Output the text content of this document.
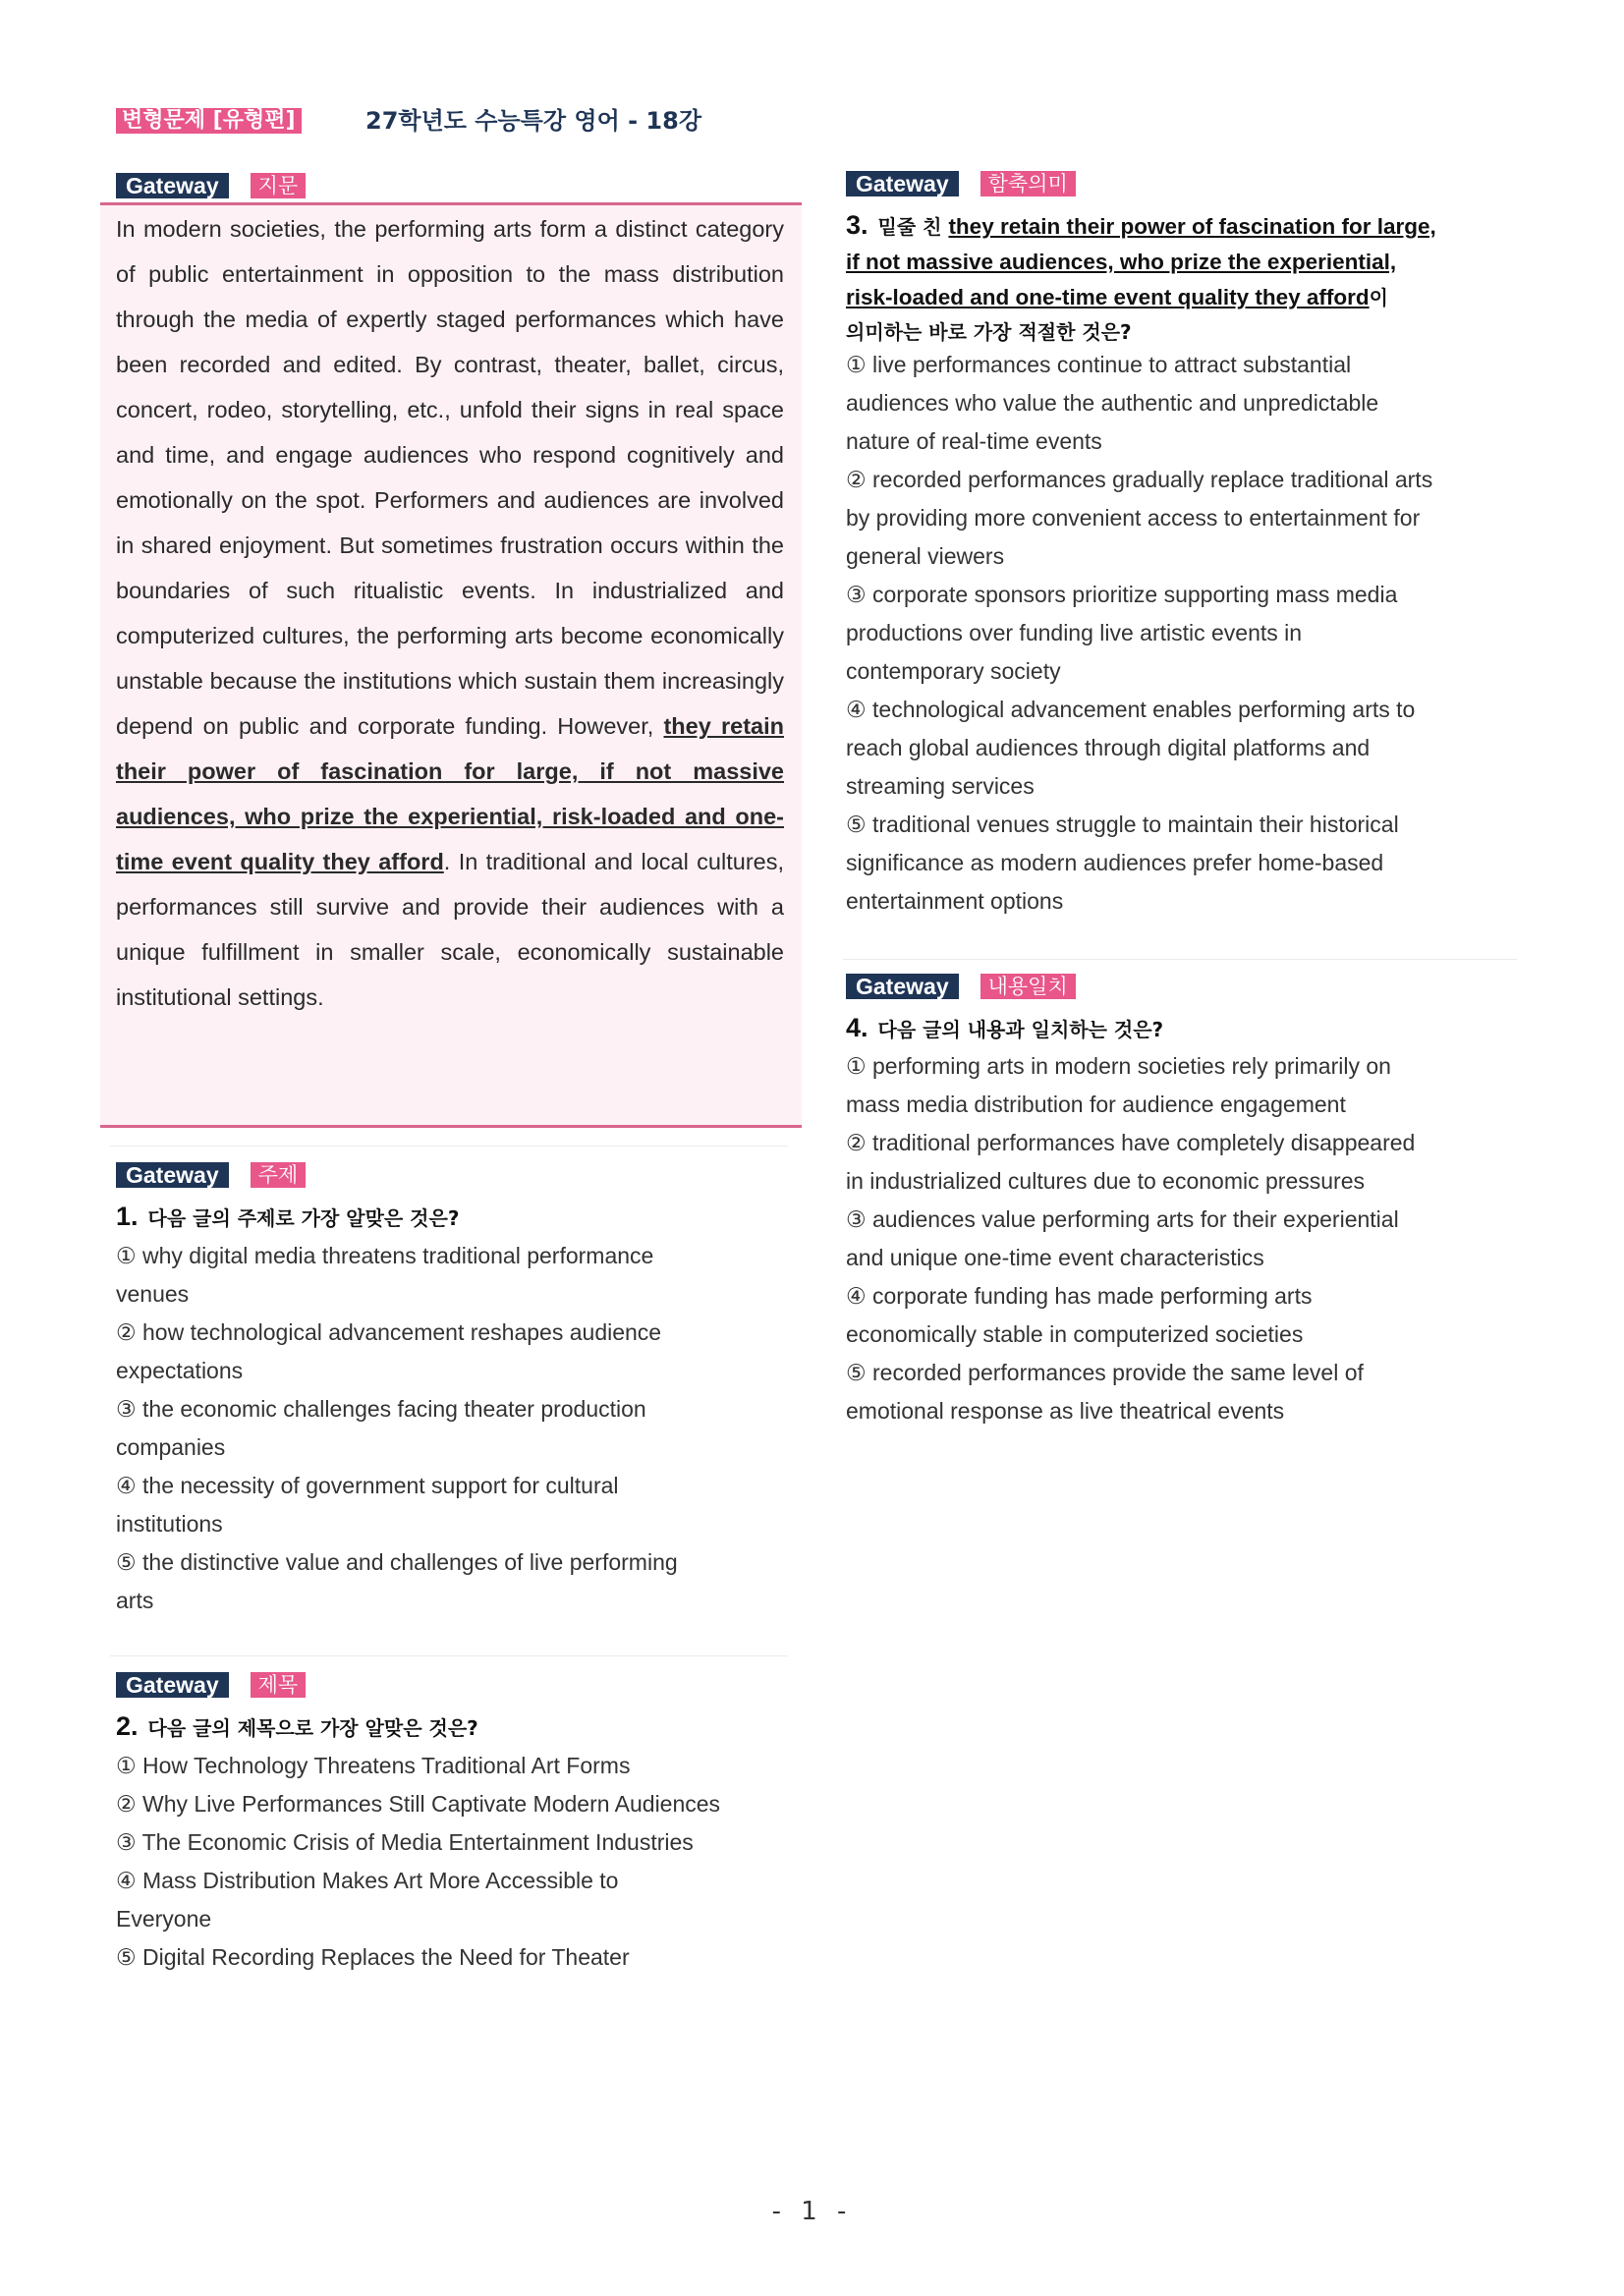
변형문제 [유형편]	27학년도 수능특강 영어 - 18강
Gateway	지문
In modern societies, the performing arts form a distinct category of public entertainment in opposition to the mass distribution through the media of expertly staged performances which have been recorded and edited. By contrast, theater, ballet, circus, concert, rodeo, storytelling, etc., unfold their signs in real space and time, and engage audiences who respond cognitively and emotionally on the spot. Performers and audiences are involved in shared enjoyment. But sometimes frustration occurs within the boundaries of such ritualistic events. In industrialized and computerized cultures, the performing arts become economically unstable because the institutions which sustain them increasingly depend on public and corporate funding. However, they retain their power of fascination for large, if not massive audiences, who prize the experiential, risk-loaded and one-time event quality they afford. In traditional and local cultures, performances still survive and provide their audiences with a unique fulfillment in smaller scale, economically sustainable institutional settings.
Gateway	주제
1. 다음 글의 주제로 가장 알맞은 것은?
① why digital media threatens traditional performance
venues
② how technological advancement reshapes audience
expectations
③ the economic challenges facing theater production
companies
④ the necessity of government support for cultural
institutions
⑤ the distinctive value and challenges of live performing
arts
Gateway	제목
2. 다음 글의 제목으로 가장 알맞은 것은?
① How Technology Threatens Traditional Art Forms
② Why Live Performances Still Captivate Modern Audiences
③ The Economic Crisis of Media Entertainment Industries
④ Mass Distribution Makes Art More Accessible to
Everyone
⑤ Digital Recording Replaces the Need for Theater
Gateway	함축의미
3. 밑줄 친 they retain their power of fascination for large,
if not massive audiences, who prize the experiential,
risk-loaded and one-time event quality they afford이
의미하는 바로 가장 적절한 것은?
① live performances continue to attract substantial
audiences who value the authentic and unpredictable
nature of real-time events
② recorded performances gradually replace traditional arts
by providing more convenient access to entertainment for
general viewers
③ corporate sponsors prioritize supporting mass media
productions over funding live artistic events in
contemporary society
④ technological advancement enables performing arts to
reach global audiences through digital platforms and
streaming services
⑤ traditional venues struggle to maintain their historical
significance as modern audiences prefer home-based
entertainment options
Gateway	내용일치
4. 다음 글의 내용과 일치하는 것은?
① performing arts in modern societies rely primarily on
mass media distribution for audience engagement
② traditional performances have completely disappeared
in industrialized cultures due to economic pressures
③ audiences value performing arts for their experiential
and unique one-time event characteristics
④ corporate funding has made performing arts
economically stable in computerized societies
⑤ recorded performances provide the same level of
emotional response as live theatrical events
- 1 -
